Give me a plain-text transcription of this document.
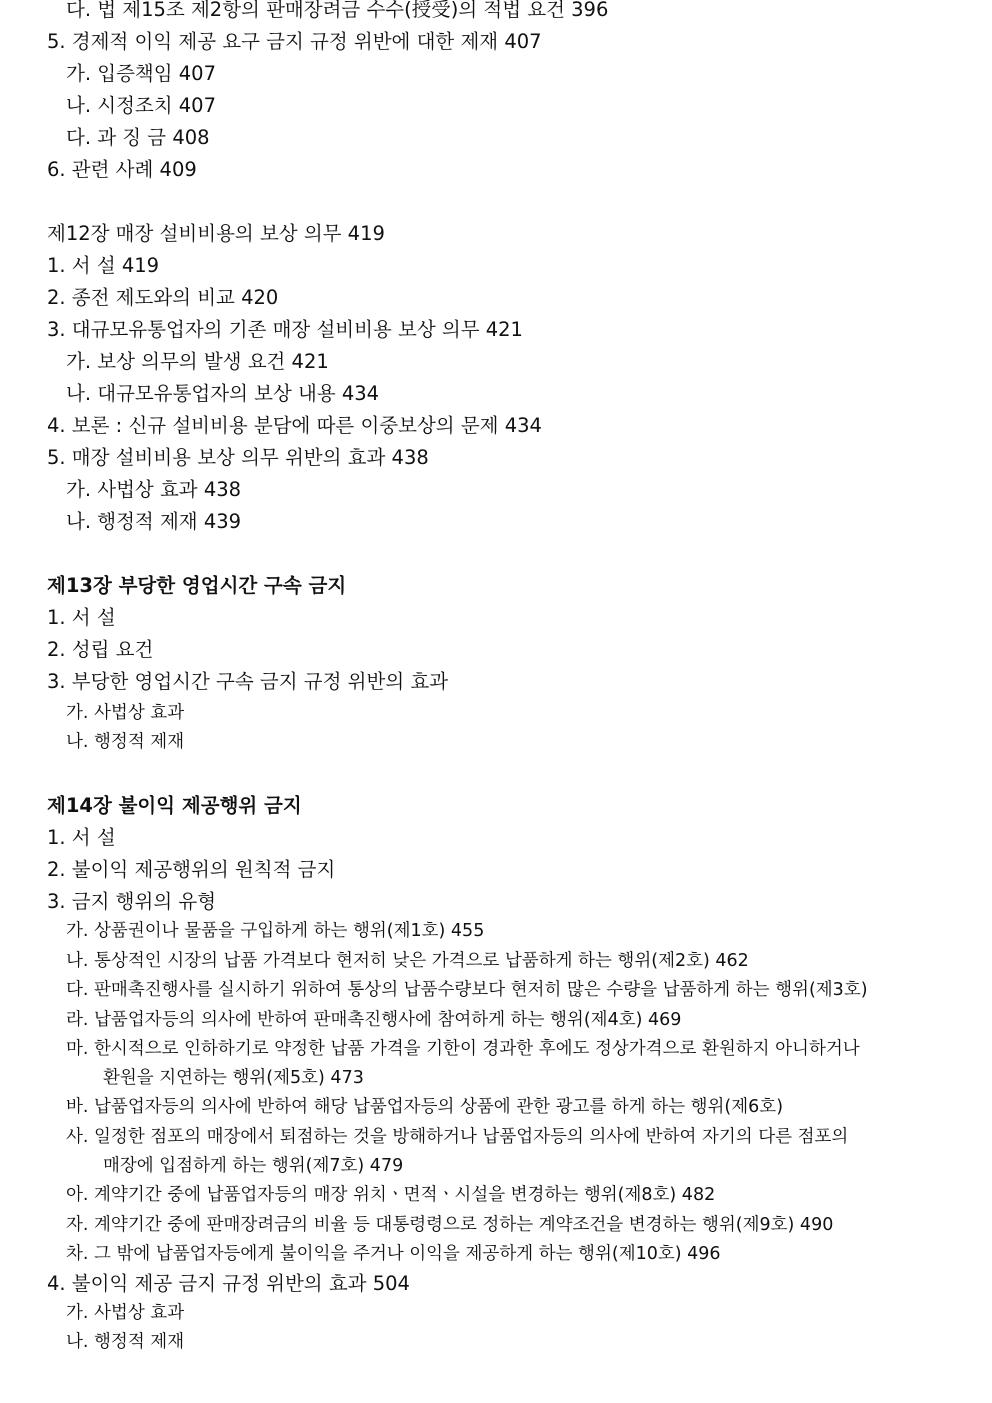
다. 법 제15조 제2항의 판매장려금 수수(授受)의 적법 요건 396
5. 경제적 이익 제공 요구 금지 규정 위반에 대한 제재 407
가. 입증책임 407
나. 시정조치 407
다. 과 징 금 408
6. 관련 사례 409
제12장 매장 설비비용의 보상 의무 419
1. 서 설 419
2. 종전 제도와의 비교 420
3. 대규모유통업자의 기존 매장 설비비용 보상 의무 421
가. 보상 의무의 발생 요건 421
나. 대규모유통업자의 보상 내용 434
4. 보론 : 신규 설비비용 분담에 따른 이중보상의 문제 434
5. 매장 설비비용 보상 의무 위반의 효과 438
가. 사법상 효과 438
나. 행정적 제재 439
제13장 부당한 영업시간 구속 금지
1. 서 설
2. 성립 요건
3. 부당한 영업시간 구속 금지 규정 위반의 효과
가. 사법상 효과
나. 행정적 제재
제14장 불이익 제공행위 금지
1. 서 설
2. 불이익 제공행위의 원칙적 금지
3. 금지 행위의 유형
가. 상품권이나 물품을 구입하게 하는 행위(제1호) 455
나. 통상적인 시장의 납품 가격보다 현저히 낮은 가격으로 납품하게 하는 행위(제2호) 462
다. 판매촉진행사를 실시하기 위하여 통상의 납품수량보다 현저히 많은 수량을 납품하게 하는 행위(제3호)
라. 납품업자등의 의사에 반하여 판매촉진행사에 참여하게 하는 행위(제4호) 469
마. 한시적으로 인하하기로 약정한 납품 가격을 기한이 경과한 후에도 정상가격으로 환원하지 아니하거나
환원을 지연하는 행위(제5호) 473
바. 납품업자등의 의사에 반하여 해당 납품업자등의 상품에 관한 광고를 하게 하는 행위(제6호)
사. 일정한 점포의 매장에서 퇴점하는 것을 방해하거나 납품업자등의 의사에 반하여 자기의 다른 점포의
매장에 입점하게 하는 행위(제7호) 479
아. 계약기간 중에 납품업자등의 매장 위치ㆍ면적ㆍ시설을 변경하는 행위(제8호) 482
자. 계약기간 중에 판매장려금의 비율 등 대통령령으로 정하는 계약조건을 변경하는 행위(제9호) 490
차. 그 밖에 납품업자등에게 불이익을 주거나 이익을 제공하게 하는 행위(제10호) 496
4. 불이익 제공 금지 규정 위반의 효과 504
가. 사법상 효과
나. 행정적 제재
